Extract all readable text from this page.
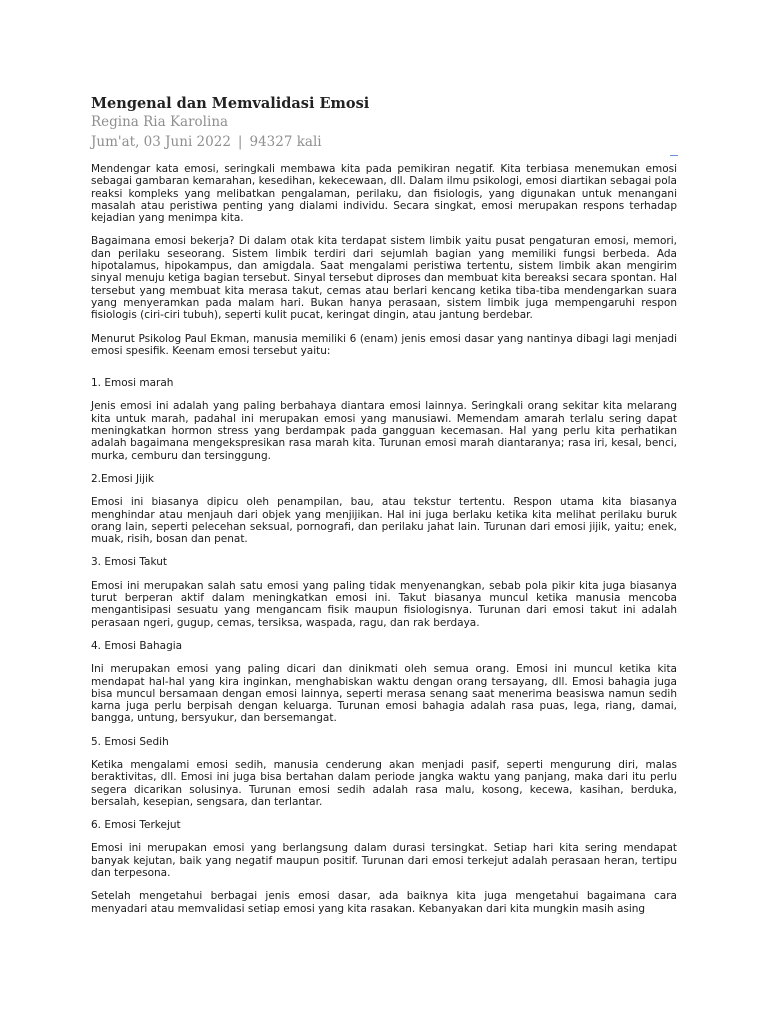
Mengenal dan Memvalidasi Emosi
Regina Ria Karolina
Jum'at, 03 Juni 2022 | 94327 kali

Mendengar kata emosi, seringkali membawa kita pada pemikiran negatif. Kita terbiasa menemukan emosi sebagai gambaran kemarahan, kesedihan, kekecewaan, dll. Dalam ilmu psikologi, emosi diartikan sebagai pola reaksi kompleks yang melibatkan pengalaman, perilaku, dan fisiologis, yang digunakan untuk menangani masalah atau peristiwa penting yang dialami individu. Secara singkat, emosi merupakan respons terhadap kejadian yang menimpa kita.

Bagaimana emosi bekerja? Di dalam otak kita terdapat sistem limbik yaitu pusat pengaturan emosi, memori, dan perilaku seseorang. Sistem limbik terdiri dari sejumlah bagian yang memiliki fungsi berbeda. Ada hipotalamus, hipokampus, dan amigdala. Saat mengalami peristiwa tertentu, sistem limbik akan mengirim sinyal menuju ketiga bagian tersebut. Sinyal tersebut diproses dan membuat kita bereaksi secara spontan. Hal tersebut yang membuat kita merasa takut, cemas atau berlari kencang ketika tiba-tiba mendengarkan suara yang menyeramkan pada malam hari. Bukan hanya perasaan, sistem limbik juga mempengaruhi respon fisiologis (ciri-ciri tubuh), seperti kulit pucat, keringat dingin, atau jantung berdebar.

Menurut Psikolog Paul Ekman, manusia memiliki 6 (enam) jenis emosi dasar yang nantinya dibagi lagi menjadi emosi spesifik. Keenam emosi tersebut yaitu:

1. Emosi marah

Jenis emosi ini adalah yang paling berbahaya diantara emosi lainnya. Seringkali orang sekitar kita melarang kita untuk marah, padahal ini merupakan emosi yang manusiawi. Memendam amarah terlalu sering dapat meningkatkan hormon stress yang berdampak pada gangguan kecemasan. Hal yang perlu kita perhatikan adalah bagaimana mengekspresikan rasa marah kita. Turunan emosi marah diantaranya; rasa iri, kesal, benci, murka, cemburu dan tersinggung.

2.Emosi Jijik

Emosi ini biasanya dipicu oleh penampilan, bau, atau tekstur tertentu. Respon utama kita biasanya menghindar atau menjauh dari objek yang menjijikan. Hal ini juga berlaku ketika kita melihat perilaku buruk orang lain, seperti pelecehan seksual, pornografi, dan perilaku jahat lain. Turunan dari emosi jijik, yaitu; enek, muak, risih, bosan dan penat.

3. Emosi Takut

Emosi ini merupakan salah satu emosi yang paling tidak menyenangkan, sebab pola pikir kita juga biasanya turut berperan aktif dalam meningkatkan emosi ini. Takut biasanya muncul ketika manusia mencoba mengantisipasi sesuatu yang mengancam fisik maupun fisiologisnya. Turunan dari emosi takut ini adalah perasaan ngeri, gugup, cemas, tersiksa, waspada, ragu, dan rak berdaya.

4. Emosi Bahagia

Ini merupakan emosi yang paling dicari dan dinikmati oleh semua orang. Emosi ini muncul ketika kita mendapat hal-hal yang kira inginkan, menghabiskan waktu dengan orang tersayang, dll. Emosi bahagia juga bisa muncul bersamaan dengan emosi lainnya, seperti merasa senang saat menerima beasiswa namun sedih karna juga perlu berpisah dengan keluarga. Turunan emosi bahagia adalah rasa puas, lega, riang, damai, bangga, untung, bersyukur, dan bersemangat.

5. Emosi Sedih

Ketika mengalami emosi sedih, manusia cenderung akan menjadi pasif, seperti mengurung diri, malas beraktivitas, dll. Emosi ini juga bisa bertahan dalam periode jangka waktu yang panjang, maka dari itu perlu segera dicarikan solusinya. Turunan emosi sedih adalah rasa malu, kosong, kecewa, kasihan, berduka, bersalah, kesepian, sengsara, dan terlantar.

6. Emosi Terkejut

Emosi ini merupakan emosi yang berlangsung dalam durasi tersingkat. Setiap hari kita sering mendapat banyak kejutan, baik yang negatif maupun positif. Turunan dari emosi terkejut adalah perasaan heran, tertipu dan terpesona.

Setelah mengetahui berbagai jenis emosi dasar, ada baiknya kita juga mengetahui bagaimana cara menyadari atau memvalidasi setiap emosi yang kita rasakan. Kebanyakan dari kita mungkin masih asing
